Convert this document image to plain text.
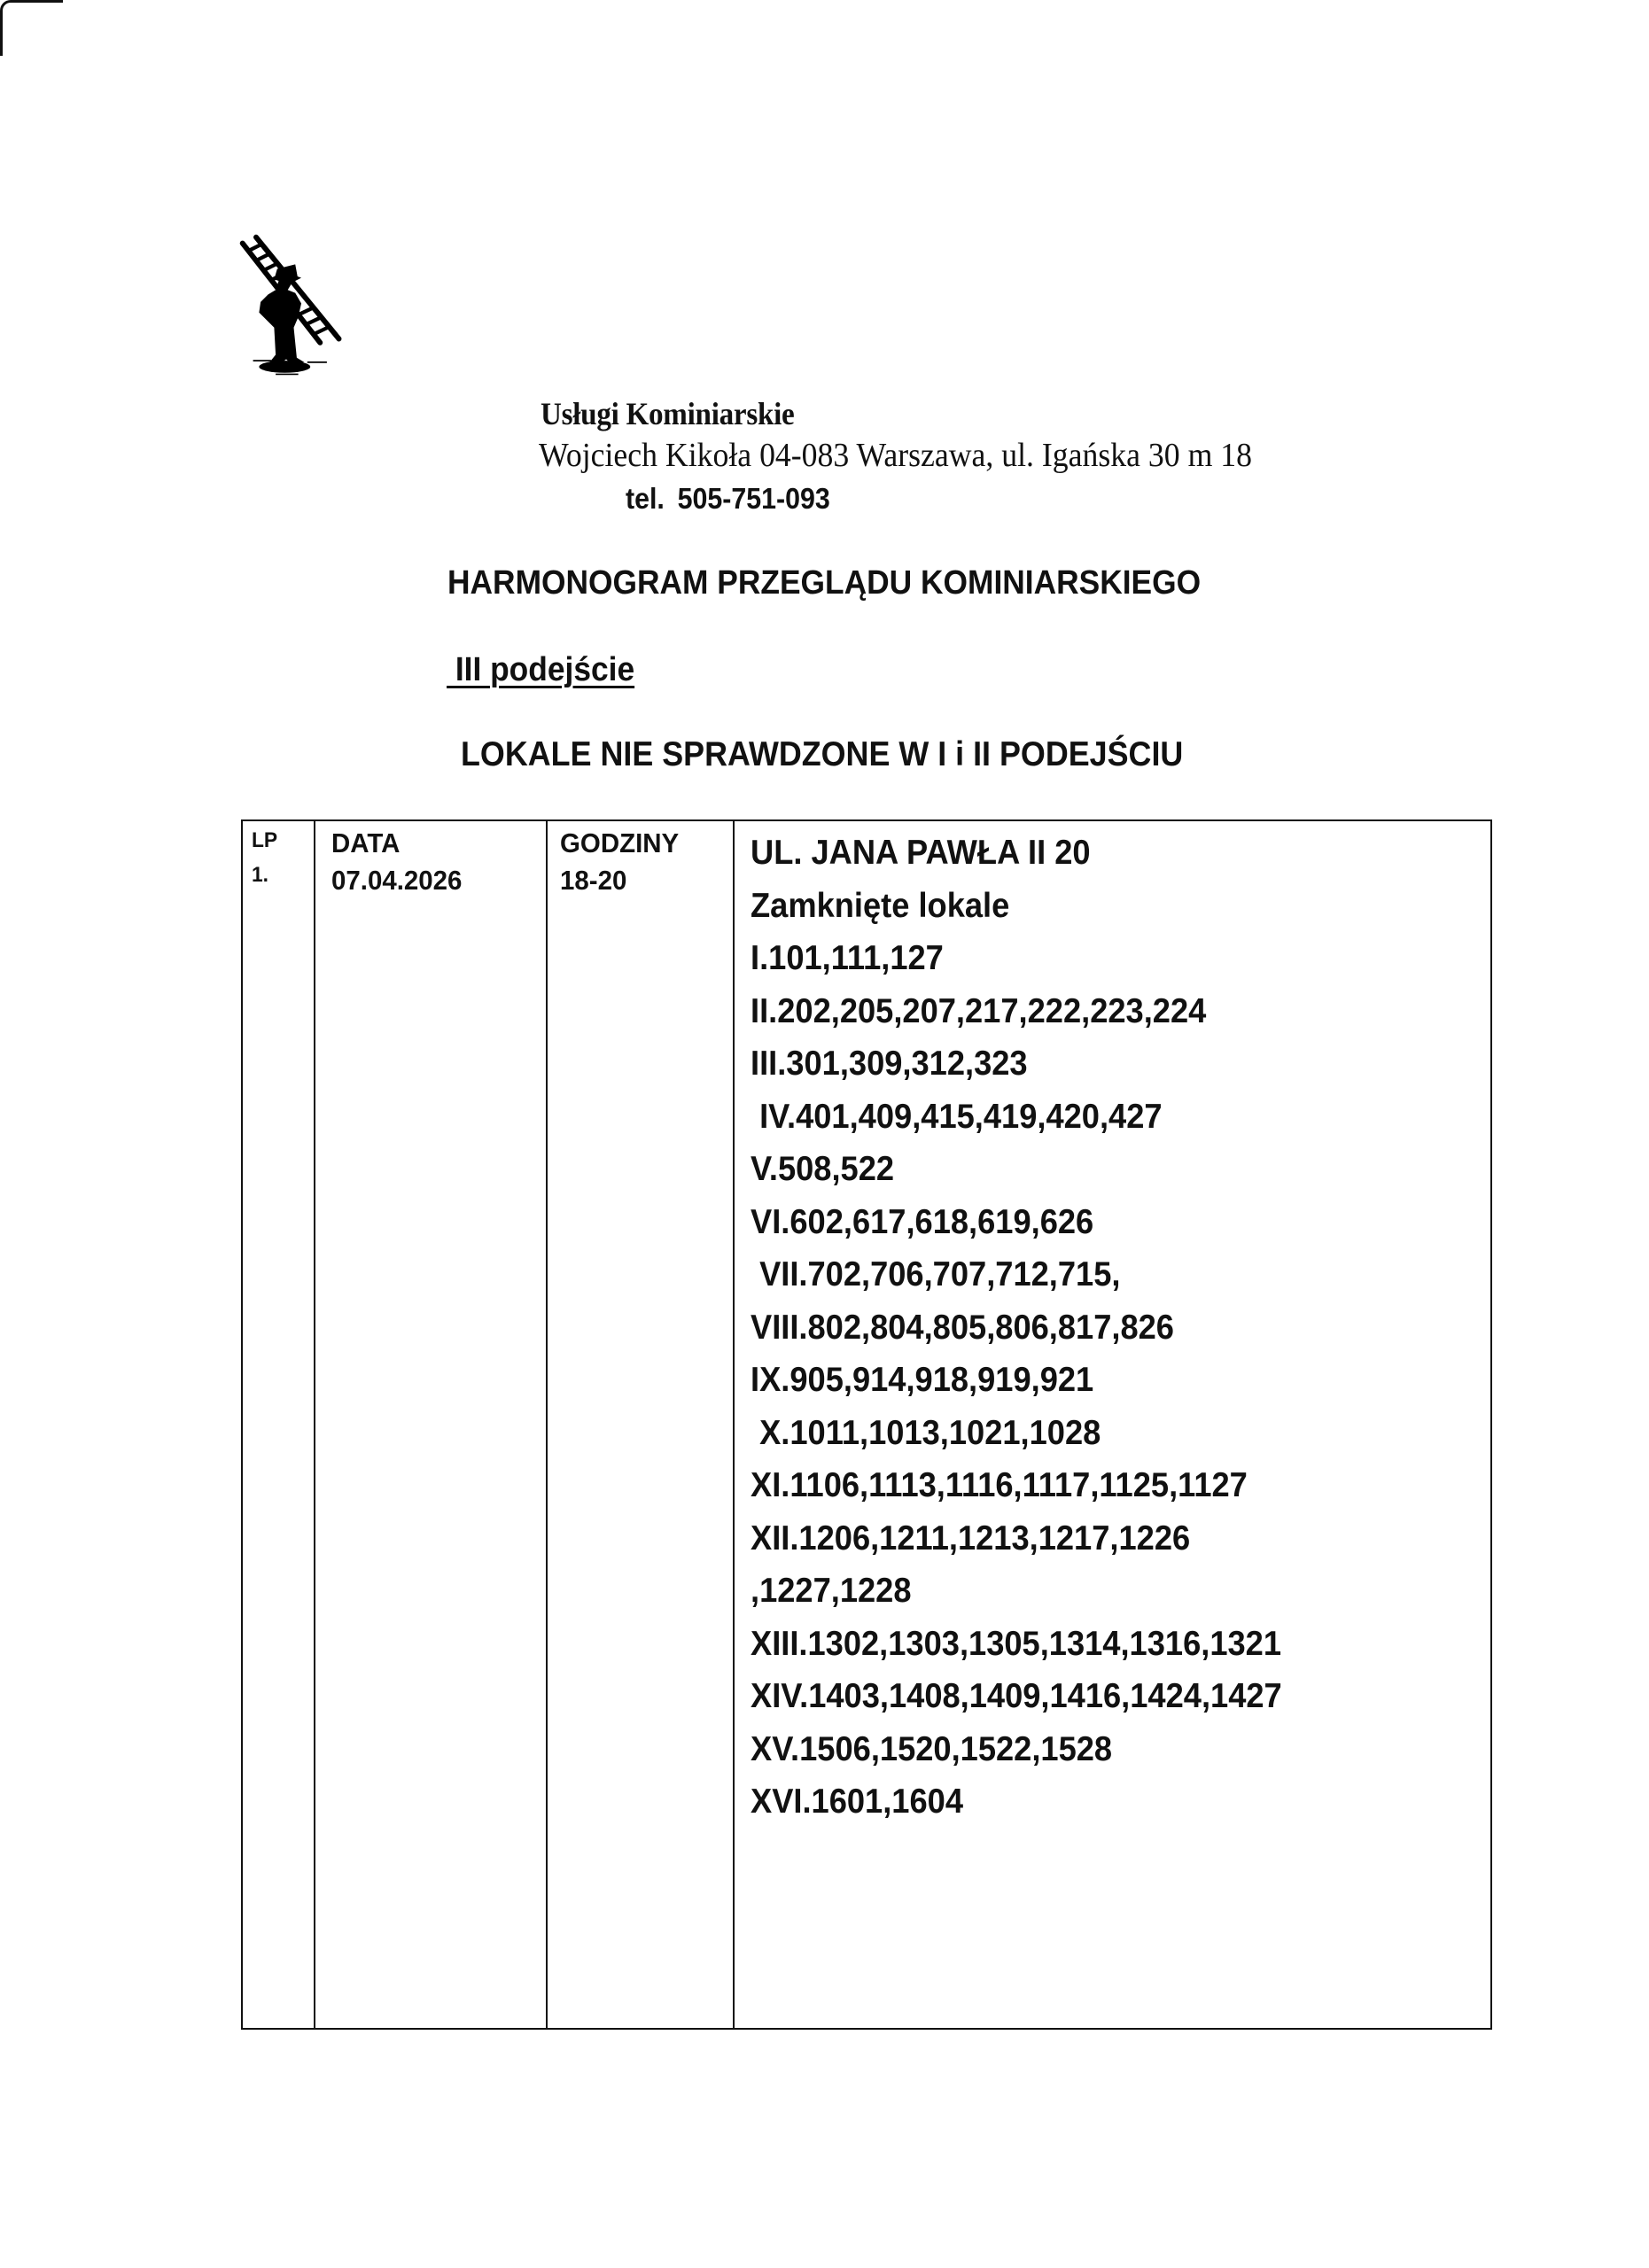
Usługi Kominiarskie
Wojciech Kikoła 04-083 Warszawa, ul. Igańska 30 m 18
tel. 505-751-093
HARMONOGRAM PRZEGLĄDU KOMINIARSKIEGO
III podejście
LOKALE NIE SPRAWDZONE W I i II PODEJŚCIU
LP
1.
DATA
07.04.2026
GODZINY
18-20
UL. JANA PAWŁA II 20
Zamknięte lokale
I.101,111,127
II.202,205,207,217,222,223,224
III.301,309,312,323
IV.401,409,415,419,420,427
V.508,522
VI.602,617,618,619,626
VII.702,706,707,712,715,
VIII.802,804,805,806,817,826
IX.905,914,918,919,921
X.1011,1013,1021,1028
XI.1106,1113,1116,1117,1125,1127
XII.1206,1211,1213,1217,1226
,1227,1228
XIII.1302,1303,1305,1314,1316,1321
XIV.1403,1408,1409,1416,1424,1427
XV.1506,1520,1522,1528
XVI.1601,1604
